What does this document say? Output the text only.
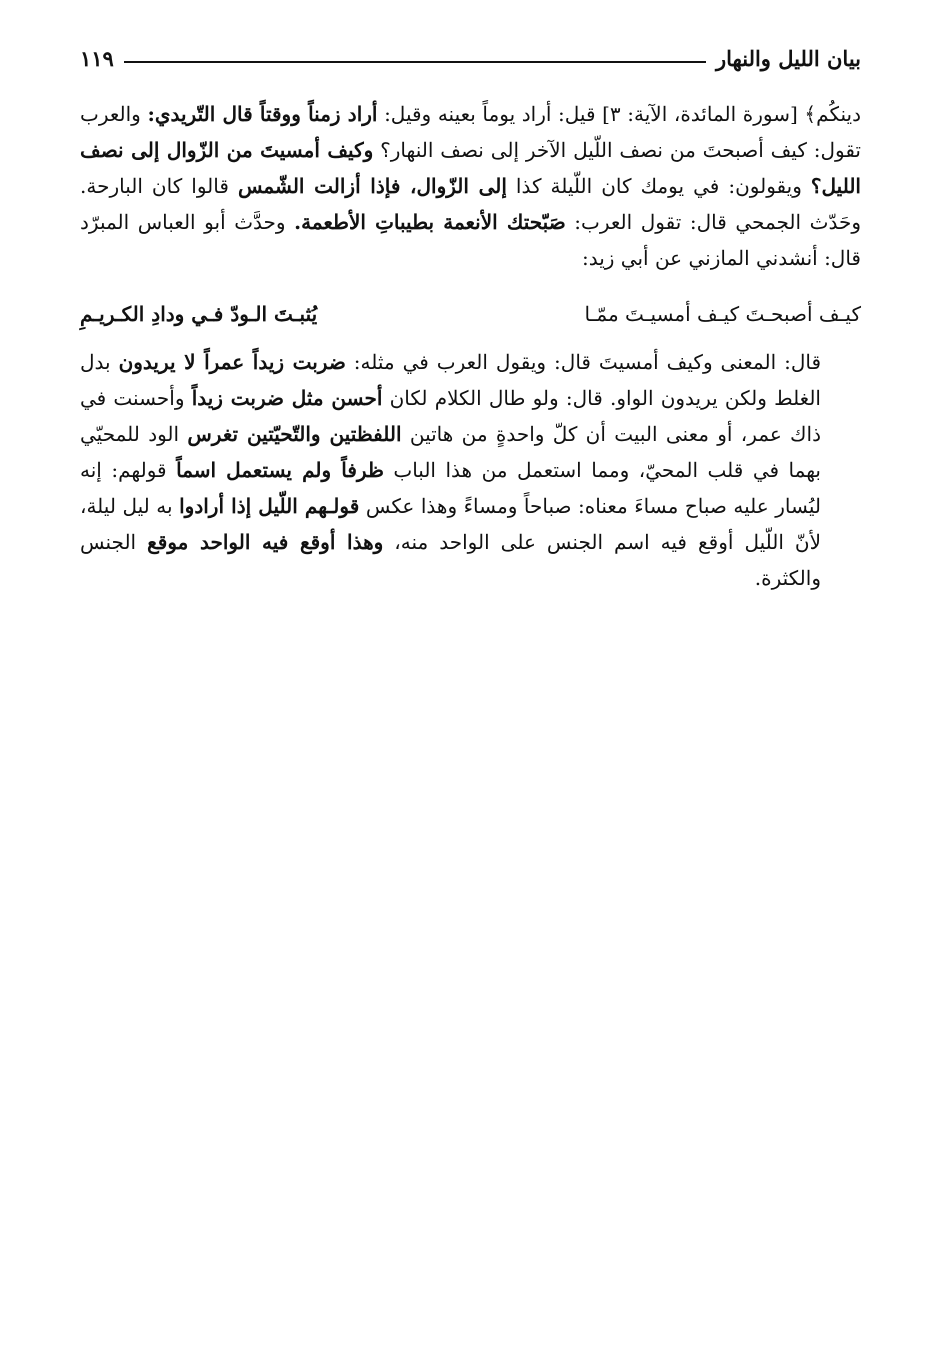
بيان الليل والنهار
١١٩

دينكُم﴾ [سورة المائدة، الآية: ٣] قيل: أراد يوماً بعينه وقيل: أراد زمناً ووقتاً قال التّريدي: والعرب تقول: كيف أصبحتَ من نصف اللّيل الآخر إلى نصف النهار؟ وكيف أمسيتَ من الزّوال إلى نصف الليل؟ ويقولون: في يومك كان اللّيلة كذا إلى الزّوال، فإذا أزالت الشّمس قالوا كان البارحة. وحَدّث الجمحي قال: تقول العرب: صَبّحتك الأنعمة بطيباتِ الأطعمة. وحدَّث أبو العباس المبرّد قال: أنشدني المازني عن أبي زيد:

كيـف أصبحـتَ كيـف أمسيـتَ ممّـا
يُثبـتَ الـودّ فـي ودادِ الكـريـمِ

قال: المعنى وكيف أمسيتَ قال: ويقول العرب في مثله: ضربت زيداً عمراً لا يريدون بدل الغلط ولكن يريدون الواو. قال: ولو طال الكلام لكان أحسن مثل ضربت زيداً وأحسنت في ذاك عمر، أو معنى البيت أن كلّ واحدةٍ من هاتين اللفظتين والتّحيّتين تغرس الود للمحيّي بهما في قلب المحيّ، ومما استعمل من هذا الباب ظرفاً ولم يستعمل اسماً قولهم: إنه ليُسار عليه صباح مساءَ معناه: صباحاً ومساءً وهذا عكس قولـهم اللّيل إذا أرادوا به ليل ليلة، لأنّ اللّيل أوقع فيه اسم الجنس على الواحد منه، وهذا أوقع فيه الواحد موقع الجنس والكثرة.
